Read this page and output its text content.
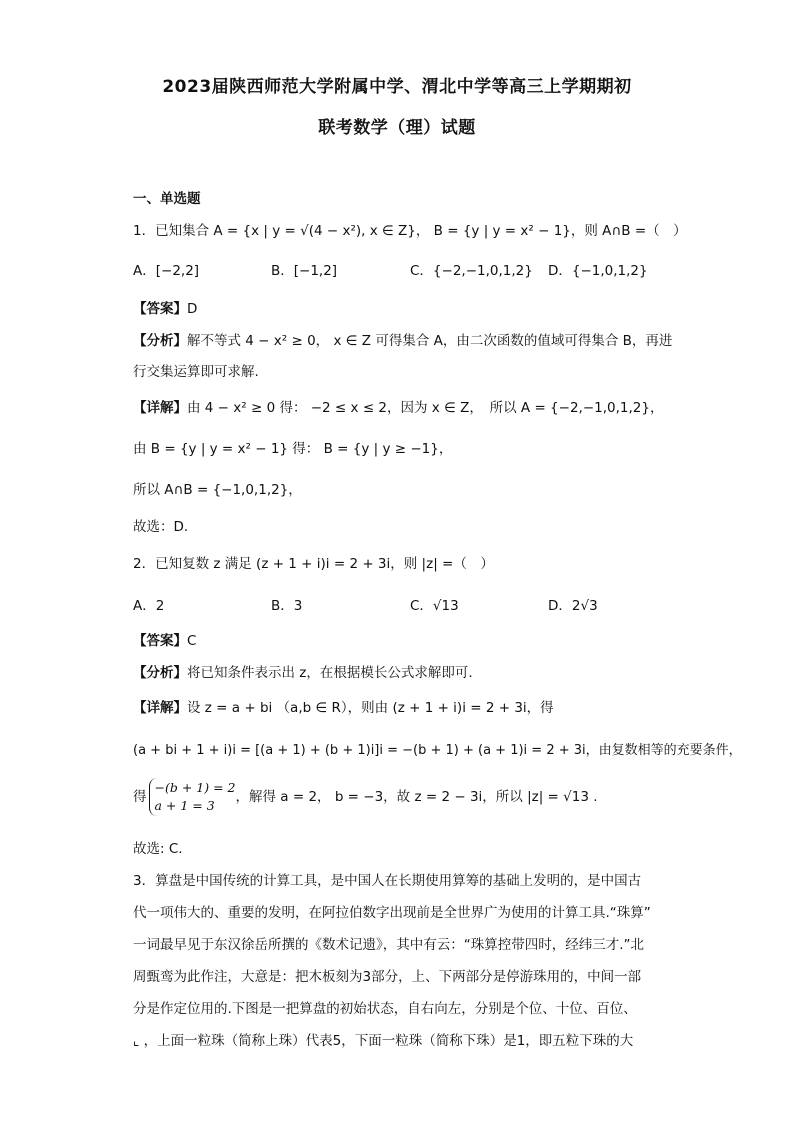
2023届陕西师范大学附属中学、渭北中学等高三上学期期初
联考数学（理）试题
一、单选题
1．已知集合 A = {x | y = √(4 − x²), x ∈ Z}， B = {y | y = x² − 1}，则 A∩B =（　）
A．[−2,2]	B．[−1,2]	C．{−2,−1,0,1,2} D．{−1,0,1,2}
【答案】D
【分析】解不等式 4 − x² ≥ 0， x ∈ Z 可得集合 A，由二次函数的值域可得集合 B，再进
行交集运算即可求解.
【详解】由 4 − x² ≥ 0 得： −2 ≤ x ≤ 2，因为 x ∈ Z，　所以 A = {−2,−1,0,1,2}，
由 B = {y | y = x² − 1} 得： B = {y | y ≥ −1}，
所以 A∩B = {−1,0,1,2}，
故选：D.
2．已知复数 z 满足 (z + 1 + i)i = 2 + 3i，则 |z| =（　）
A．2	B．3	C．√13	D．2√3
【答案】C
【分析】将已知条件表示出 z，在根据模长公式求解即可.
【详解】设 z = a + bi （a,b ∈ R），则由 (z + 1 + i)i = 2 + 3i，得
(a + bi + 1 + i)i = [(a + 1) + (b + 1)i]i = −(b + 1) + (a + 1)i = 2 + 3i，由复数相等的充要条件，
得
−(b + 1) = 2
a + 1 = 3
，解得 a = 2， b = −3，故 z = 2 − 3i，所以 |z| = √13 .
故选: C.
3．算盘是中国传统的计算工具，是中国人在长期使用算筹的基础上发明的，是中国古
代一项伟大的、重要的发明，在阿拉伯数字出现前是全世界广为使用的计算工具.“珠算”
一词最早见于东汉徐岳所撰的《数术记遗》，其中有云：“珠算控带四时，经纬三才.”北
周甄鸾为此作注，大意是：把木板刻为3部分，上、下两部分是停游珠用的，中间一部
分是作定位用的.下图是一把算盘的初始状态，自右向左，分别是个位、十位、百位、
⌞ ，上面一粒珠（简称上珠）代表5，下面一粒珠（简称下珠）是1，即五粒下珠的大
